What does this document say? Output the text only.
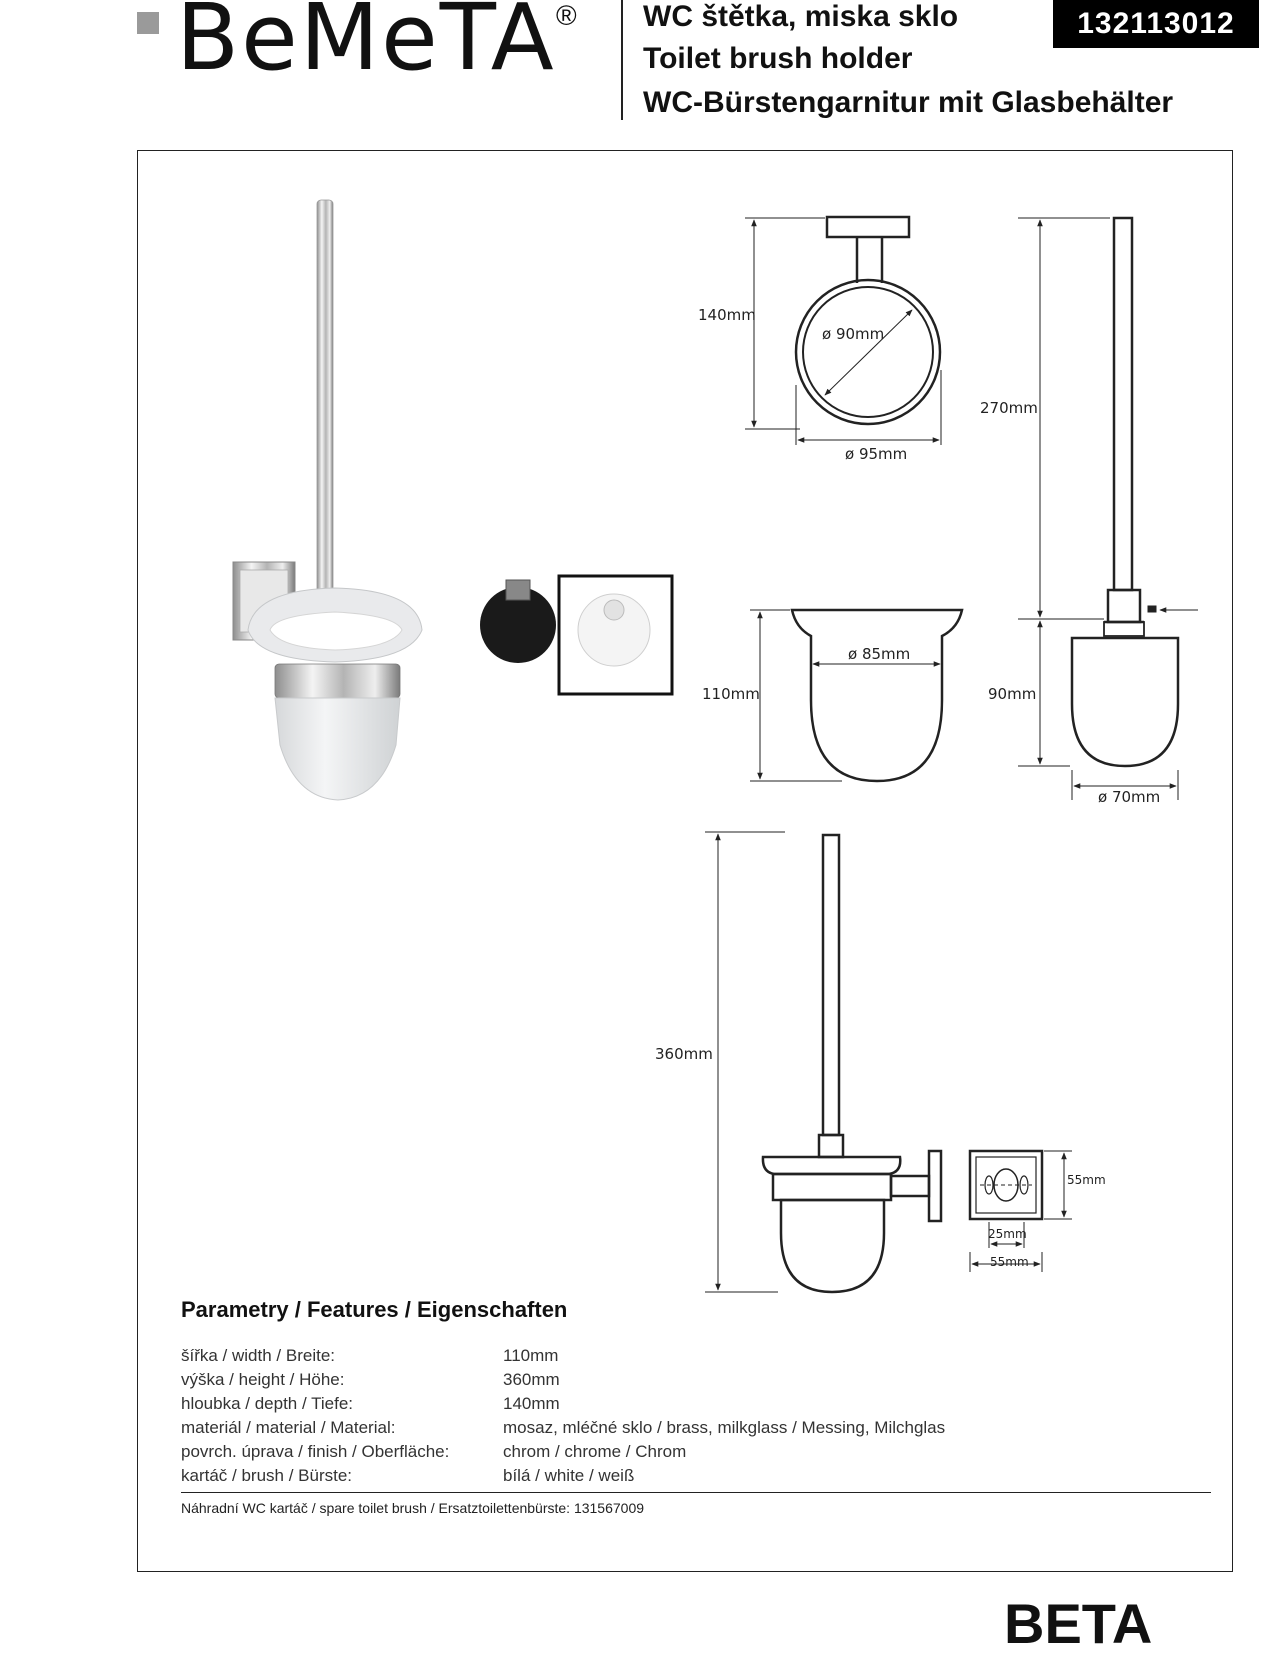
BeMeTA ® WC štětka, miska sklo
Toilet brush holder
WC-Bürstengarnitur mit Glasbehälter
132113012
140mm
ø 90mm
ø 95mm
270mm
110mm
ø 85mm
90mm
ø 70mm
360mm
55mm
25mm
55mm
Parametry / Features / Eigenschaften
šířka / width / Breite:	110mm
výška / height / Höhe:	360mm
hloubka / depth / Tiefe:	140mm
materiál / material / Material:	mosaz, mléčné sklo / brass, milkglass / Messing, Milchglas
povrch. úprava / finish / Oberfläche:	chrom / chrome / Chrom
kartáč / brush / Bürste:	bílá / white / weiß
Náhradní WC kartáč / spare toilet brush / Ersatztoilettenbürste: 131567009
BETA
